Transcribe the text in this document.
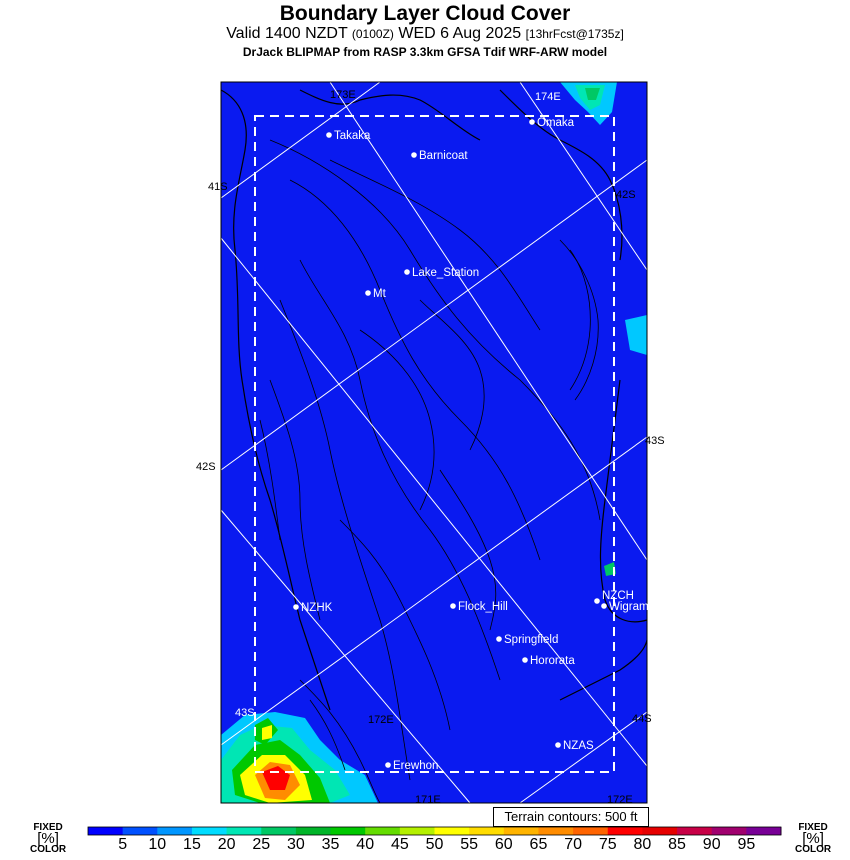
Takaka
Barnicoat
Omaka
Lake_Station
Mt
NZHK	Flock_Hill
NZCH
Wigram
Springfield
Hororata
NZAS
Erewhon
41S
42S
42S
43S
43S	44S
173E	174E
172E
171E	172E
Boundary Layer Cloud Cover
Valid 1400 NZDT (0100Z) WED 6 Aug 2025 [13hrFcst@1735z]
DrJack BLIPMAP from RASP 3.3km GFSA Tdif WRF-ARW model
Terrain contours: 500 ft
FIXED
[%]
COLOR
FIXED
[%]
COLOR
5 10 15 20 25 30 35 40 45 50 55 60 65 70 75 80 85 90 95
